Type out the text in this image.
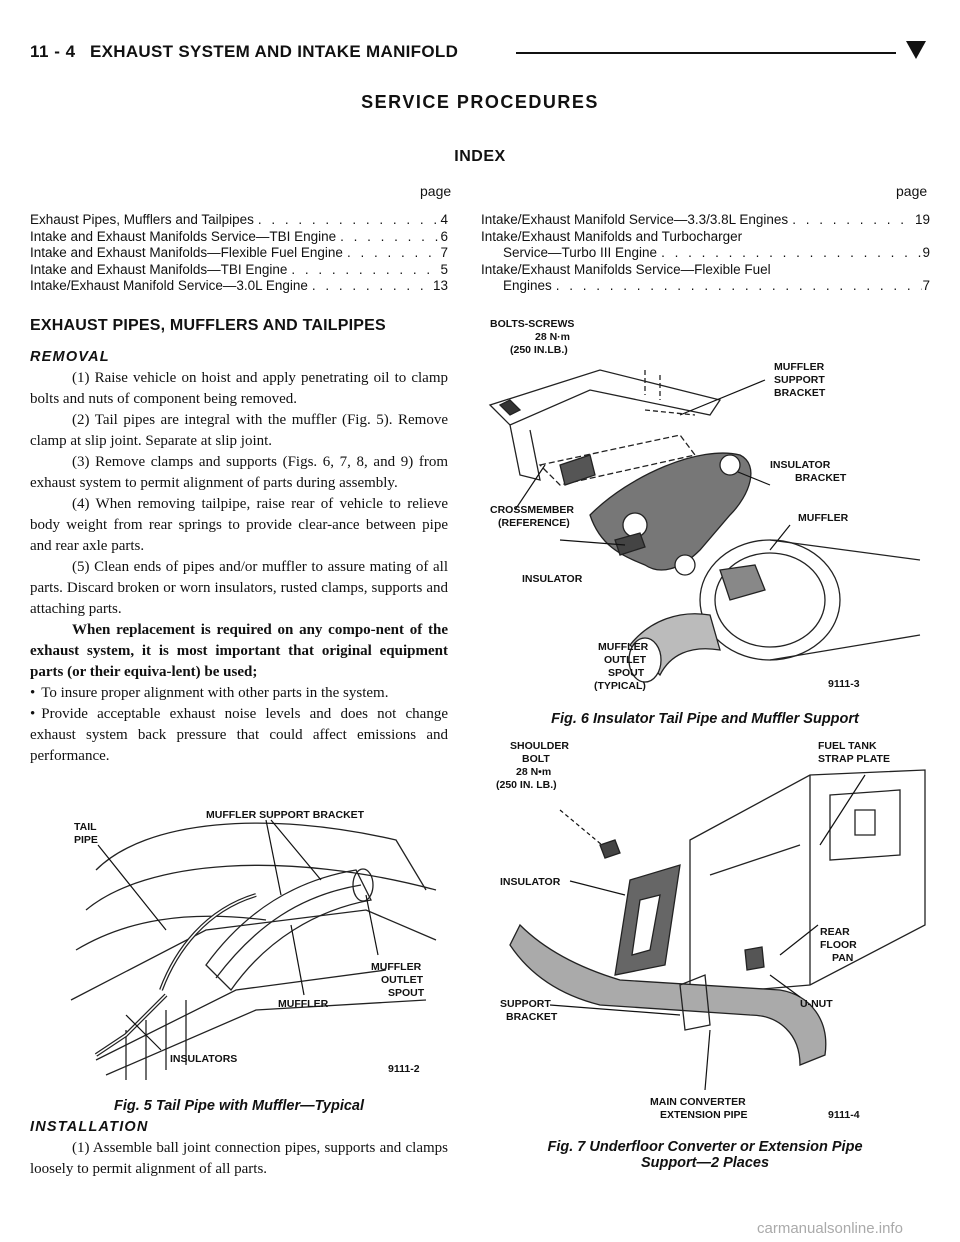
11 - 4 EXHAUST SYSTEM AND INTAKE MANIFOLD
SERVICE PROCEDURES
INDEX
page	page
Exhaust Pipes, Mufflers and Tailpipes . . .	4
Intake and Exhaust Manifolds Service—TBI Engine . . .	6
Intake and Exhaust Manifolds—Flexible Fuel Engine . . .	7
Intake and Exhaust Manifolds—TBI Engine . . .	5
Intake/Exhaust Manifold Service—3.0L Engine . . .	13
Intake/Exhaust Manifold Service—3.3/3.8L Engines . . .	19
Intake/Exhaust Manifolds and Turbocharger
Service—Turbo III Engine . . .	9
Intake/Exhaust Manifolds Service—Flexible Fuel
Engines . . .	7
EXHAUST PIPES, MUFFLERS AND TAILPIPES
REMOVAL

(1) Raise vehicle on hoist and apply penetrating oil to clamp bolts and nuts of component being removed.

(2) Tail pipes are integral with the muffler (Fig. 5). Remove clamp at slip joint. Separate at slip joint.

(3) Remove clamps and supports (Figs. 6, 7, 8, and 9) from exhaust system to permit alignment of parts during assembly.

(4) When removing tailpipe, raise rear of vehicle to relieve body weight from rear springs to provide clear-ance between pipe and rear axle parts.

(5) Clean ends of pipes and/or muffler to assure mating of all parts. Discard broken or worn insulators, rusted clamps, supports and attaching parts.

When replacement is required on any compo-nent of the exhaust system, it is most important that original equipment parts (or their equiva-lent) be used;

• To insure proper alignment with other parts in the system.

• Provide acceptable exhaust noise levels and does not change exhaust system back pressure that could affect emissions and performance.

TAIL
PIPE
MUFFLER SUPPORT BRACKET
MUFFLER
OUTLET
SPOUT
MUFFLER
INSULATORS
9111-2
Fig. 5 Tail Pipe with Muffler—Typical
INSTALLATION

(1) Assemble ball joint connection pipes, supports and clamps loosely to permit alignment of all parts.

BOLTS-SCREWS
28 N·m
(250 IN.LB.)
MUFFLER
SUPPORT
BRACKET
INSULATOR
BRACKET
MUFFLER
CROSSMEMBER
(REFERENCE)
INSULATOR
MUFFLER
OUTLET
SPOUT
(TYPICAL)	9111-3
Fig. 6 Insulator Tail Pipe and Muffler Support
SHOULDER
BOLT
28 N•m
(250 IN. LB.)
FUEL TANK
STRAP PLATE
INSULATOR
REAR
FLOOR
PAN
U-NUT
SUPPORT
BRACKET
MAIN CONVERTER
EXTENSION PIPE	9111-4
Fig. 7 Underfloor Converter or Extension Pipe
Support—2 Places
carmanualsonline.info
